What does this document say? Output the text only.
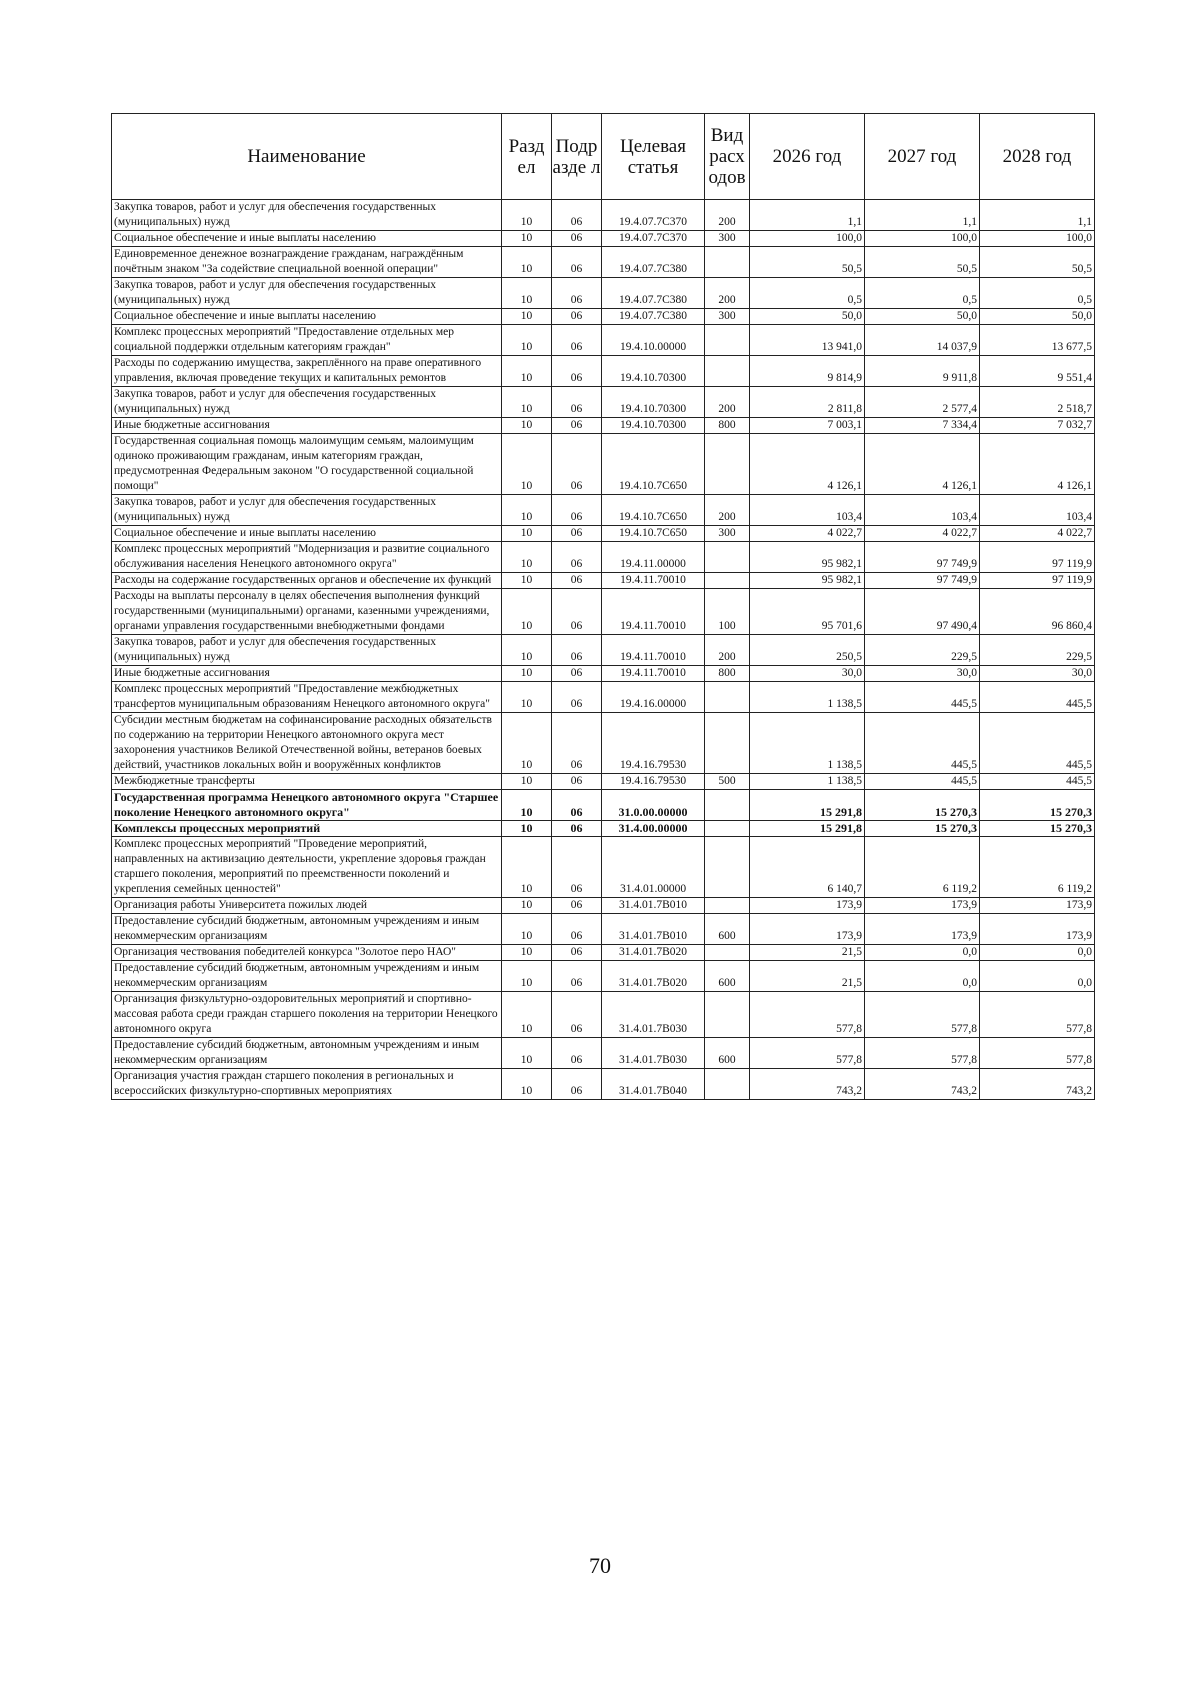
Наименование	Разд ел	Подр азде л	Целевая статья	Вид расх одов	2026 год	2027 год	2028 год
Закупка товаров, работ и услуг для обеспечения государственных (муниципальных) нужд	10	06	19.4.07.7С370	200	1,1	1,1	1,1
Социальное обеспечение и иные выплаты населению	10	06	19.4.07.7С370	300	100,0	100,0	100,0
Единовременное денежное вознаграждение гражданам, награждённым почётным знаком "За содействие специальной военной операции"	10	06	19.4.07.7С380		50,5	50,5	50,5
Закупка товаров, работ и услуг для обеспечения государственных (муниципальных) нужд	10	06	19.4.07.7С380	200	0,5	0,5	0,5
Социальное обеспечение и иные выплаты населению	10	06	19.4.07.7С380	300	50,0	50,0	50,0
Комплекс процессных мероприятий "Предоставление отдельных мер социальной поддержки отдельным категориям граждан"	10	06	19.4.10.00000		13 941,0	14 037,9	13 677,5
Расходы по содержанию имущества, закреплённого на праве оперативного управления, включая проведение текущих и капитальных ремонтов	10	06	19.4.10.70300		9 814,9	9 911,8	9 551,4
Закупка товаров, работ и услуг для обеспечения государственных (муниципальных) нужд	10	06	19.4.10.70300	200	2 811,8	2 577,4	2 518,7
Иные бюджетные ассигнования	10	06	19.4.10.70300	800	7 003,1	7 334,4	7 032,7
Государственная социальная помощь малоимущим семьям, малоимущим одиноко проживающим гражданам, иным категориям граждан, предусмотренная Федеральным законом "О государственной социальной помощи"	10	06	19.4.10.7С650		4 126,1	4 126,1	4 126,1
Закупка товаров, работ и услуг для обеспечения государственных (муниципальных) нужд	10	06	19.4.10.7С650	200	103,4	103,4	103,4
Социальное обеспечение и иные выплаты населению	10	06	19.4.10.7С650	300	4 022,7	4 022,7	4 022,7
Комплекс процессных мероприятий "Модернизация и развитие социального обслуживания населения Ненецкого автономного округа"	10	06	19.4.11.00000		95 982,1	97 749,9	97 119,9
Расходы на содержание государственных органов и обеспечение их функций	10	06	19.4.11.70010		95 982,1	97 749,9	97 119,9
Расходы на выплаты персоналу в целях обеспечения выполнения функций государственными (муниципальными) органами, казенными учреждениями, органами управления государственными внебюджетными фондами	10	06	19.4.11.70010	100	95 701,6	97 490,4	96 860,4
Закупка товаров, работ и услуг для обеспечения государственных (муниципальных) нужд	10	06	19.4.11.70010	200	250,5	229,5	229,5
Иные бюджетные ассигнования	10	06	19.4.11.70010	800	30,0	30,0	30,0
Комплекс процессных мероприятий "Предоставление межбюджетных трансфертов муниципальным образованиям Ненецкого автономного округа"	10	06	19.4.16.00000		1 138,5	445,5	445,5
Субсидии местным бюджетам на софинансирование расходных обязательств по содержанию на территории Ненецкого автономного округа мест захоронения участников Великой Отечественной войны, ветеранов боевых действий, участников локальных войн и вооружённых конфликтов	10	06	19.4.16.79530		1 138,5	445,5	445,5
Межбюджетные трансферты	10	06	19.4.16.79530	500	1 138,5	445,5	445,5
Государственная программа Ненецкого автономного округа "Старшее поколение Ненецкого автономного округа"	10	06	31.0.00.00000		15 291,8	15 270,3	15 270,3
Комплексы процессных мероприятий	10	06	31.4.00.00000		15 291,8	15 270,3	15 270,3
Комплекс процессных мероприятий "Проведение мероприятий, направленных на активизацию деятельности, укрепление здоровья граждан старшего поколения, мероприятий по преемственности поколений и укрепления семейных ценностей"	10	06	31.4.01.00000		6 140,7	6 119,2	6 119,2
Организация работы Университета пожилых людей	10	06	31.4.01.7В010		173,9	173,9	173,9
Предоставление субсидий бюджетным, автономным учреждениям и иным некоммерческим организациям	10	06	31.4.01.7В010	600	173,9	173,9	173,9
Организация чествования победителей конкурса "Золотое перо НАО"	10	06	31.4.01.7В020		21,5	0,0	0,0
Предоставление субсидий бюджетным, автономным учреждениям и иным некоммерческим организациям	10	06	31.4.01.7В020	600	21,5	0,0	0,0
Организация физкультурно-оздоровительных мероприятий и спортивно-массовая работа среди граждан старшего поколения на территории Ненецкого автономного округа	10	06	31.4.01.7В030		577,8	577,8	577,8
Предоставление субсидий бюджетным, автономным учреждениям и иным некоммерческим организациям	10	06	31.4.01.7В030	600	577,8	577,8	577,8
Организация участия граждан старшего поколения в региональных и всероссийских физкультурно-спортивных мероприятиях	10	06	31.4.01.7В040		743,2	743,2	743,2
70
